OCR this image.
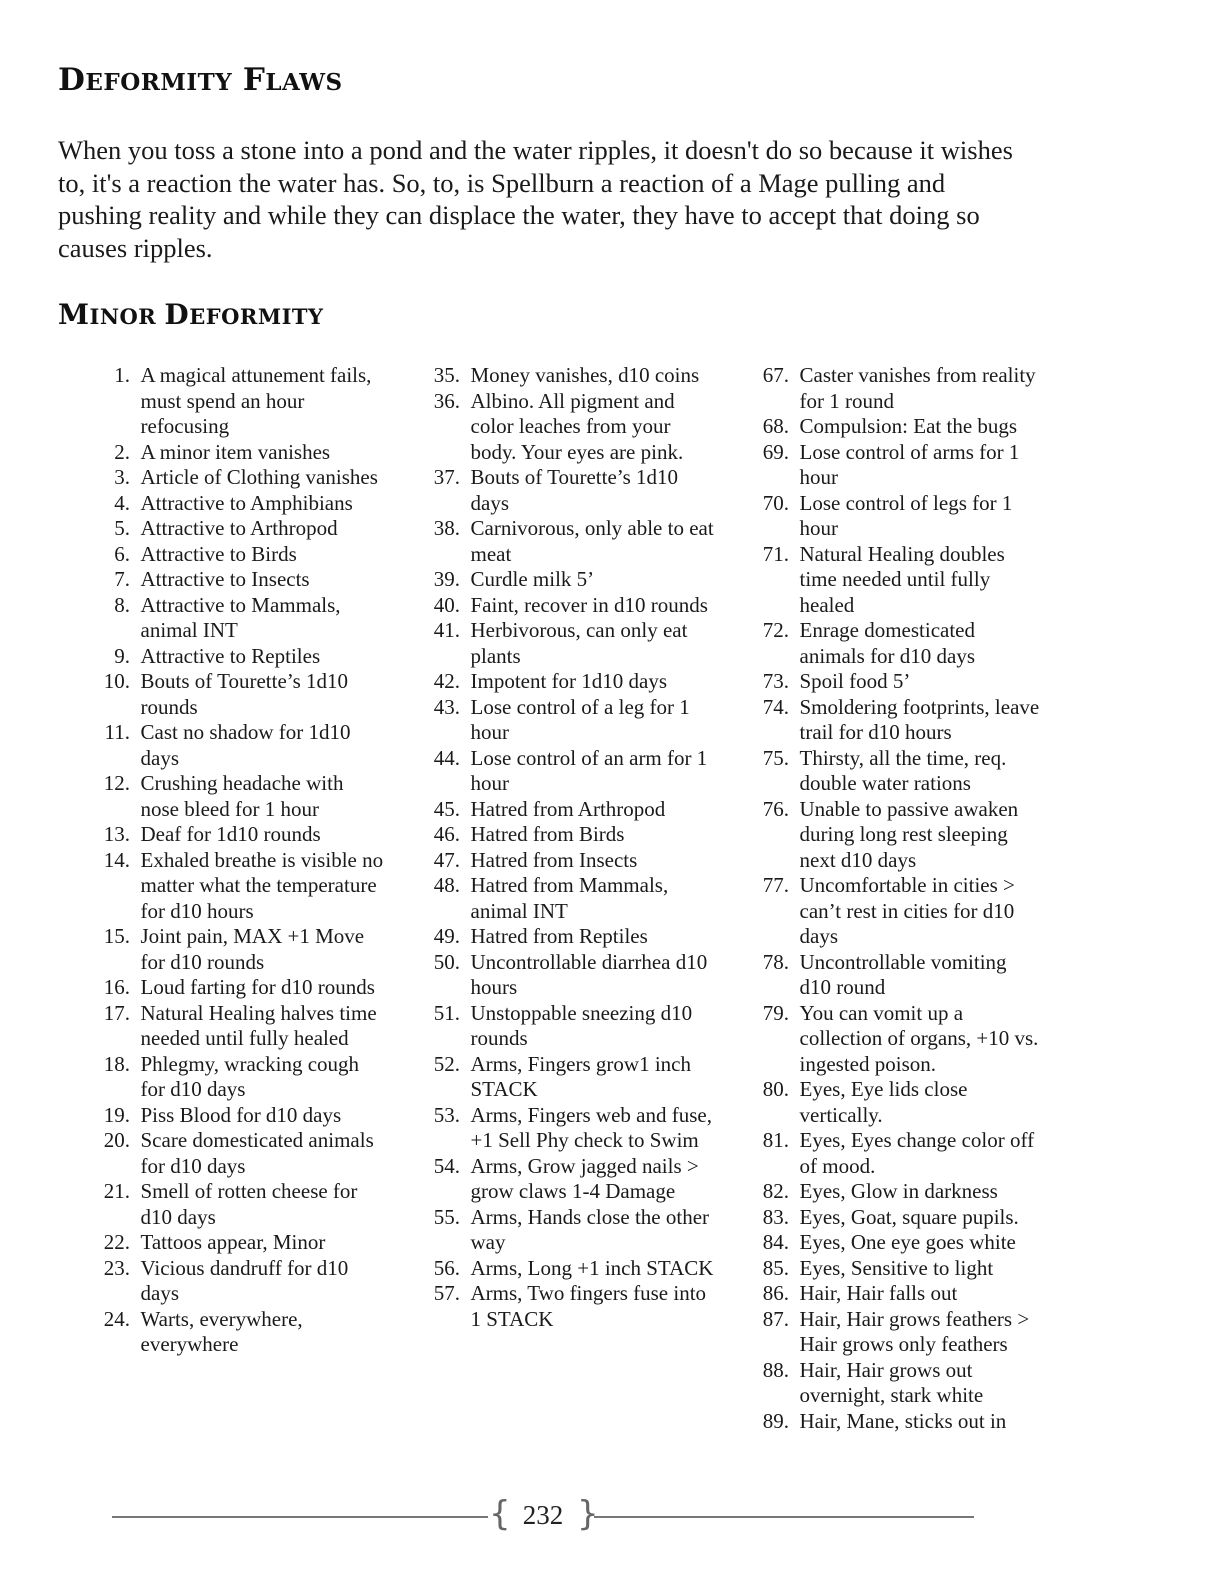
DEFORMITY FLAWS

When you toss a stone into a pond and the water ripples, it doesn't do so because it wishes to, it's a reaction the water has. So, to, is Spellburn a reaction of a Mage pulling and pushing reality and while they can displace the water, they have to accept that doing so causes ripples.

MINOR DEFORMITY
1.
A magical attunement fails, must spend an hour refocusing
2.
A minor item vanishes
3.
Article of Clothing vanishes
4.
Attractive to Amphibians
5.
Attractive to Arthropod
6.
Attractive to Birds
7.
Attractive to Insects
8.
Attractive to Mammals, animal INT
9.
Attractive to Reptiles
10.
Bouts of Tourette’s 1d10 rounds
11.
Cast no shadow for 1d10 days
12.
Crushing headache with nose bleed for 1 hour
13.
Deaf for 1d10 rounds
14.
Exhaled breathe is visible no matter what the temperature for d10 hours
15.
Joint pain, MAX +1 Move for d10 rounds
16.
Loud farting for d10 rounds
17.
Natural Healing halves time needed until fully healed
18.
Phlegmy, wracking cough for d10 days
19.
Piss Blood for d10 days
20.
Scare domesticated animals for d10 days
21.
Smell of rotten cheese for d10 days
22.
Tattoos appear, Minor
23.
Vicious dandruff for d10 days
24.
Warts, everywhere, everywhere
35.
Money vanishes, d10 coins
36.
Albino. All pigment and color leaches from your body. Your eyes are pink.
37.
Bouts of Tourette’s 1d10 days
38.
Carnivorous, only able to eat meat
39.
Curdle milk 5’
40.
Faint, recover in d10 rounds
41.
Herbivorous, can only eat plants
42.
Impotent for 1d10 days
43.
Lose control of a leg for 1 hour
44.
Lose control of an arm for 1 hour
45.
Hatred from Arthropod
46.
Hatred from Birds
47.
Hatred from Insects
48.
Hatred from Mammals, animal INT
49.
Hatred from Reptiles
50.
Uncontrollable diarrhea d10 hours
51.
Unstoppable sneezing d10 rounds
52.
Arms, Fingers grow1 inch STACK
53.
Arms, Fingers web and fuse, +1 Sell Phy check to Swim
54.
Arms, Grow jagged nails > grow claws 1-4 Damage
55.
Arms, Hands close the other way
56.
Arms, Long +1 inch STACK
57.
Arms, Two fingers fuse into 1 STACK
67.
Caster vanishes from reality for 1 round
68.
Compulsion: Eat the bugs
69.
Lose control of arms for 1 hour
70.
Lose control of legs for 1 hour
71.
Natural Healing doubles time needed until fully healed
72.
Enrage domesticated animals for d10 days
73.
Spoil food 5’
74.
Smoldering footprints, leave trail for d10 hours
75.
Thirsty, all the time, req. double water rations
76.
Unable to passive awaken during long rest sleeping next d10 days
77.
Uncomfortable in cities > can’t rest in cities for d10 days
78.
Uncontrollable vomiting d10 round
79.
You can vomit up a collection of organs, +10 vs. ingested poison.
80.
Eyes, Eye lids close vertically.
81.
Eyes, Eyes change color off of mood.
82.
Eyes, Glow in darkness
83.
Eyes, Goat, square pupils.
84.
Eyes, One eye goes white
85.
Eyes, Sensitive to light
86.
Hair, Hair falls out
87.
Hair, Hair grows feathers > Hair grows only feathers
88.
Hair, Hair grows out overnight, stark white
89.
Hair, Mane, sticks out in
{ 232 }
